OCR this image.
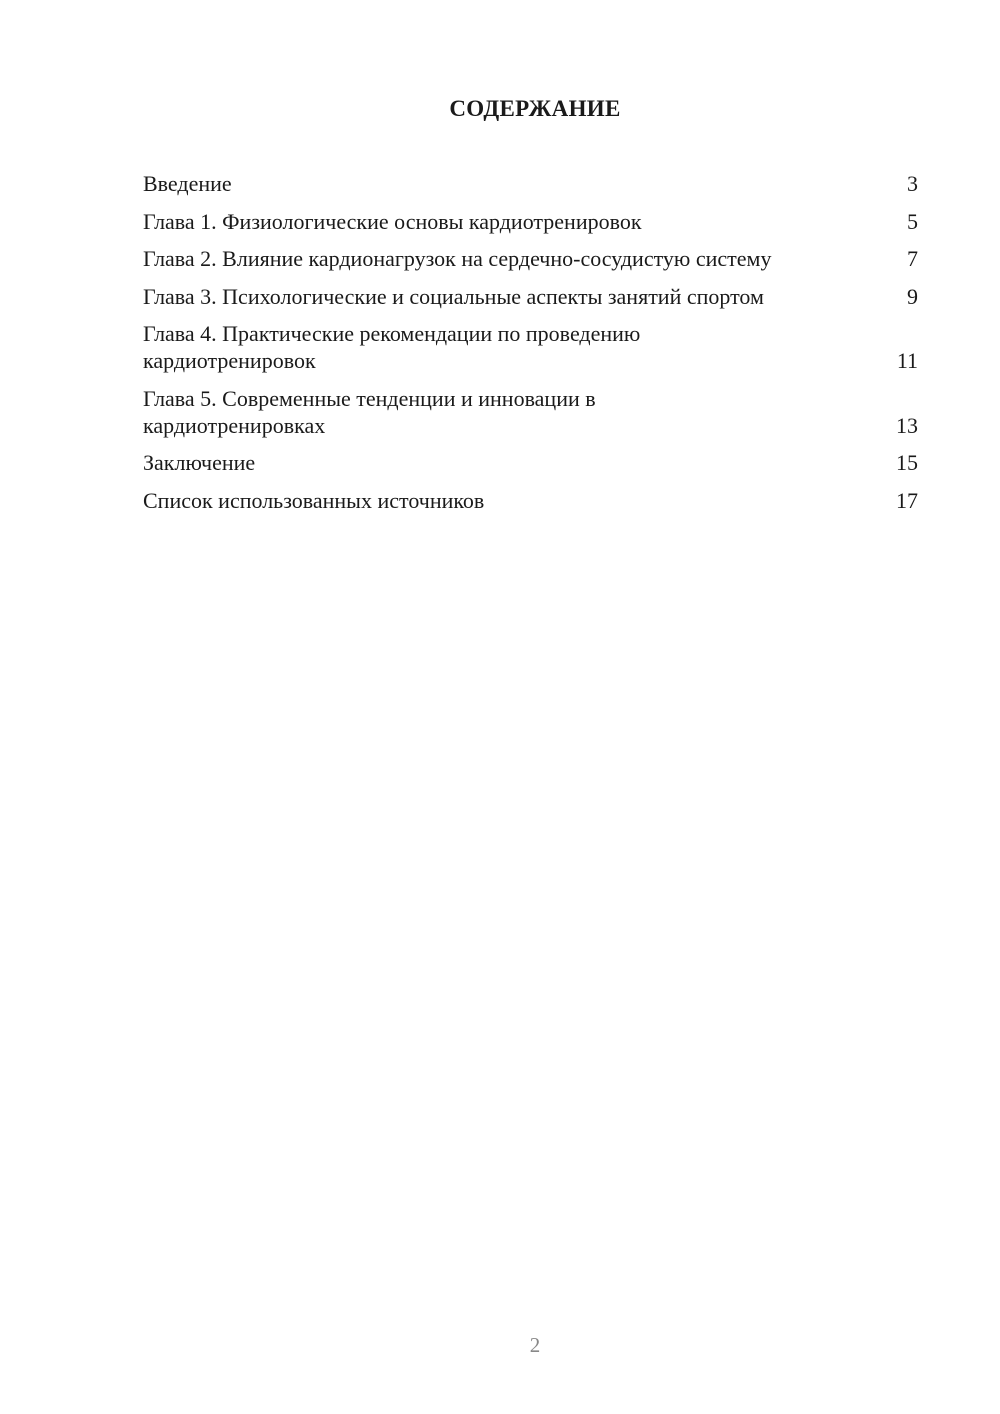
СОДЕРЖАНИЕ
Введение	3
Глава 1. Физиологические основы кардиотренировок	5
Глава 2. Влияние кардионагрузок на сердечно-сосудистую систему	7
Глава 3. Психологические и социальные аспекты занятий спортом	9
Глава 4. Практические рекомендации по проведению кардиотренировок	11
Глава 5. Современные тенденции и инновации в кардиотренировках	13
Заключение	15
Список использованных источников	17
2
